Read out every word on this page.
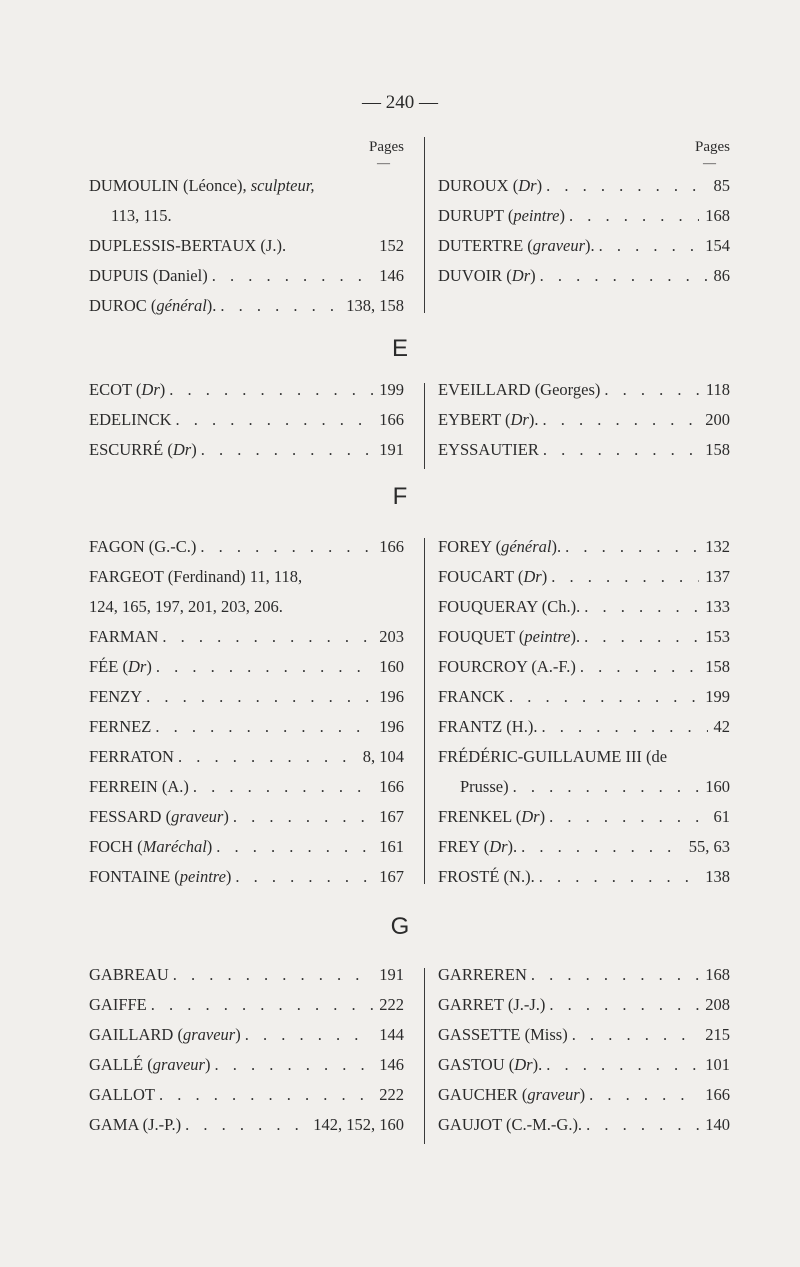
— 240 —
Pages
—
DUMOULIN (Léonce),
sculpteur,
113, 115.
DUPLESSIS-BERTAUX (J.).	152
DUPUIS (Daniel) . . .	146
DUROC (général). . . .	138, 158
Pages
—
DUROUX (Dr) . . .	85
DURUPT (peintre) . . .	168
DUTERTRE (graveur). . . .	154
DUVOIR (Dr) . . .	86
E
ECOT (Dr) . . .	199
EDELINCK . . .	166
ESCURRÉ (Dr) . . .	191
EVEILLARD (Georges) . . .	118
EYBERT (Dr). . . .	200
EYSSAUTIER . . .	158
F
FAGON (G.-C.) . . .	166
FARGEOT (Ferdinand) 11, 118,
124, 165, 197, 201, 203, 206.
FARMAN . . .	203
FÉE (Dr) . . .	160
FENZY . . .	196
FERNEZ . . .	196
FERRATON . . .	8, 104
FERREIN (A.) . . .	166
FESSARD (graveur) . . .	167
FOCH (Maréchal) . . .	161
FONTAINE (peintre) . . .	167
FOREY (général). . . .	132
FOUCART (Dr) . . .	137
FOUQUERAY (Ch.). . . .	133
FOUQUET (peintre). . . .	153
FOURCROY (A.-F.) . . .	158
FRANCK . . .	199
FRANTZ (H.). . . .	42
FRÉDÉRIC-GUILLAUME III (de
Prusse) . . .	160
FRENKEL (Dr) . . .	61
FREY (Dr). . . .	55, 63
FROSTÉ (N.). . . .	138
G
GABREAU . . .	191
GAIFFE . . .	222
GAILLARD (graveur) . . .	144
GALLÉ (graveur) . . .	146
GALLOT . . .	222
GAMA (J.-P.) . . .	142, 152, 160
GARREREN . . .	168
GARRET (J.-J.) . . .	208
GASSETTE (Miss) . . .	215
GASTOU (Dr). . . .	101
GAUCHER (graveur) . . .	166
GAUJOT (C.-M.-G.). . . .	140
